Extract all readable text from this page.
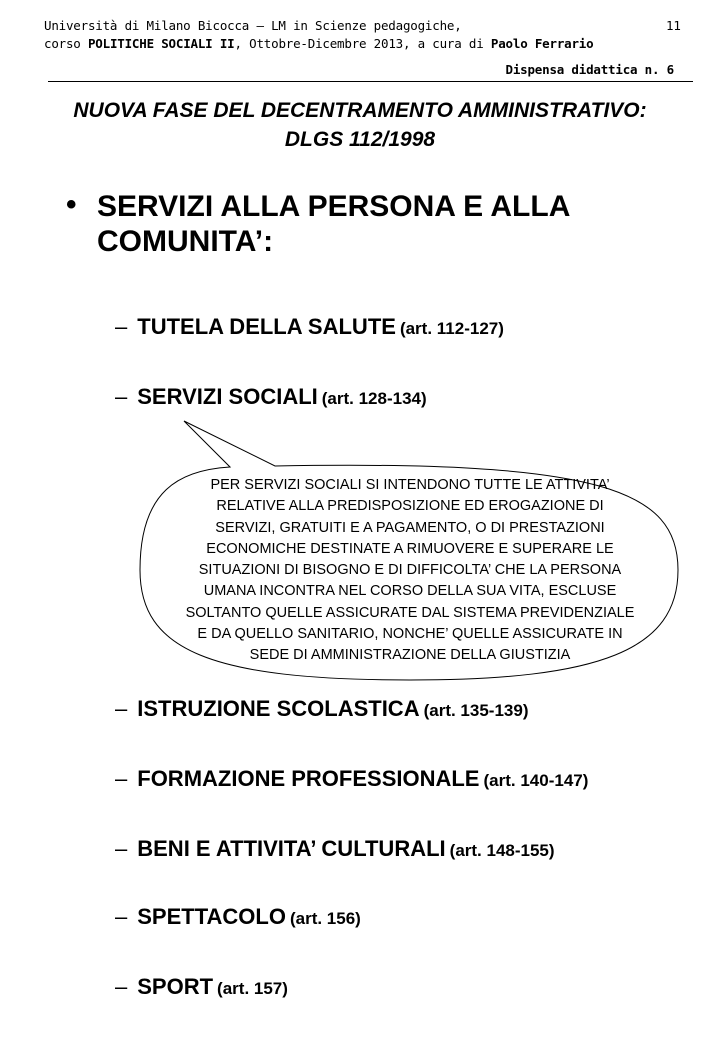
Università di Milano Bicocca – LM in Scienze pedagogiche,
corso POLITICHE SOCIALI II, Ottobre-Dicembre 2013, a cura di Paolo Ferrario
11
Dispensa didattica n. 6
NUOVA FASE DEL DECENTRAMENTO AMMINISTRATIVO:
DLGS 112/1998
• SERVIZI ALLA PERSONA E ALLA
COMUNITA’:
PER SERVIZI SOCIALI SI INTENDONO TUTTE LE ATTIVITA’
RELATIVE ALLA PREDISPOSIZIONE ED EROGAZIONE DI
SERVIZI, GRATUITI E A PAGAMENTO, O DI PRESTAZIONI
ECONOMICHE DESTINATE A RIMUOVERE E SUPERARE LE
SITUAZIONI DI BISOGNO E DI DIFFICOLTA’ CHE LA PERSONA
UMANA INCONTRA NEL CORSO DELLA SUA VITA, ESCLUSE
SOLTANTO QUELLE ASSICURATE DAL SISTEMA PREVIDENZIALE
E DA QUELLO SANITARIO, NONCHE’ QUELLE ASSICURATE IN
SEDE DI AMMINISTRAZIONE DELLA GIUSTIZIA
– TUTELA DELLA SALUTE (art. 112-127)
– SERVIZI SOCIALI (art. 128-134)
– ISTRUZIONE SCOLASTICA (art. 135-139)
– FORMAZIONE PROFESSIONALE (art. 140-147)
– BENI E ATTIVITA’ CULTURALI (art. 148-155)
– SPETTACOLO (art. 156)
– SPORT (art. 157)
